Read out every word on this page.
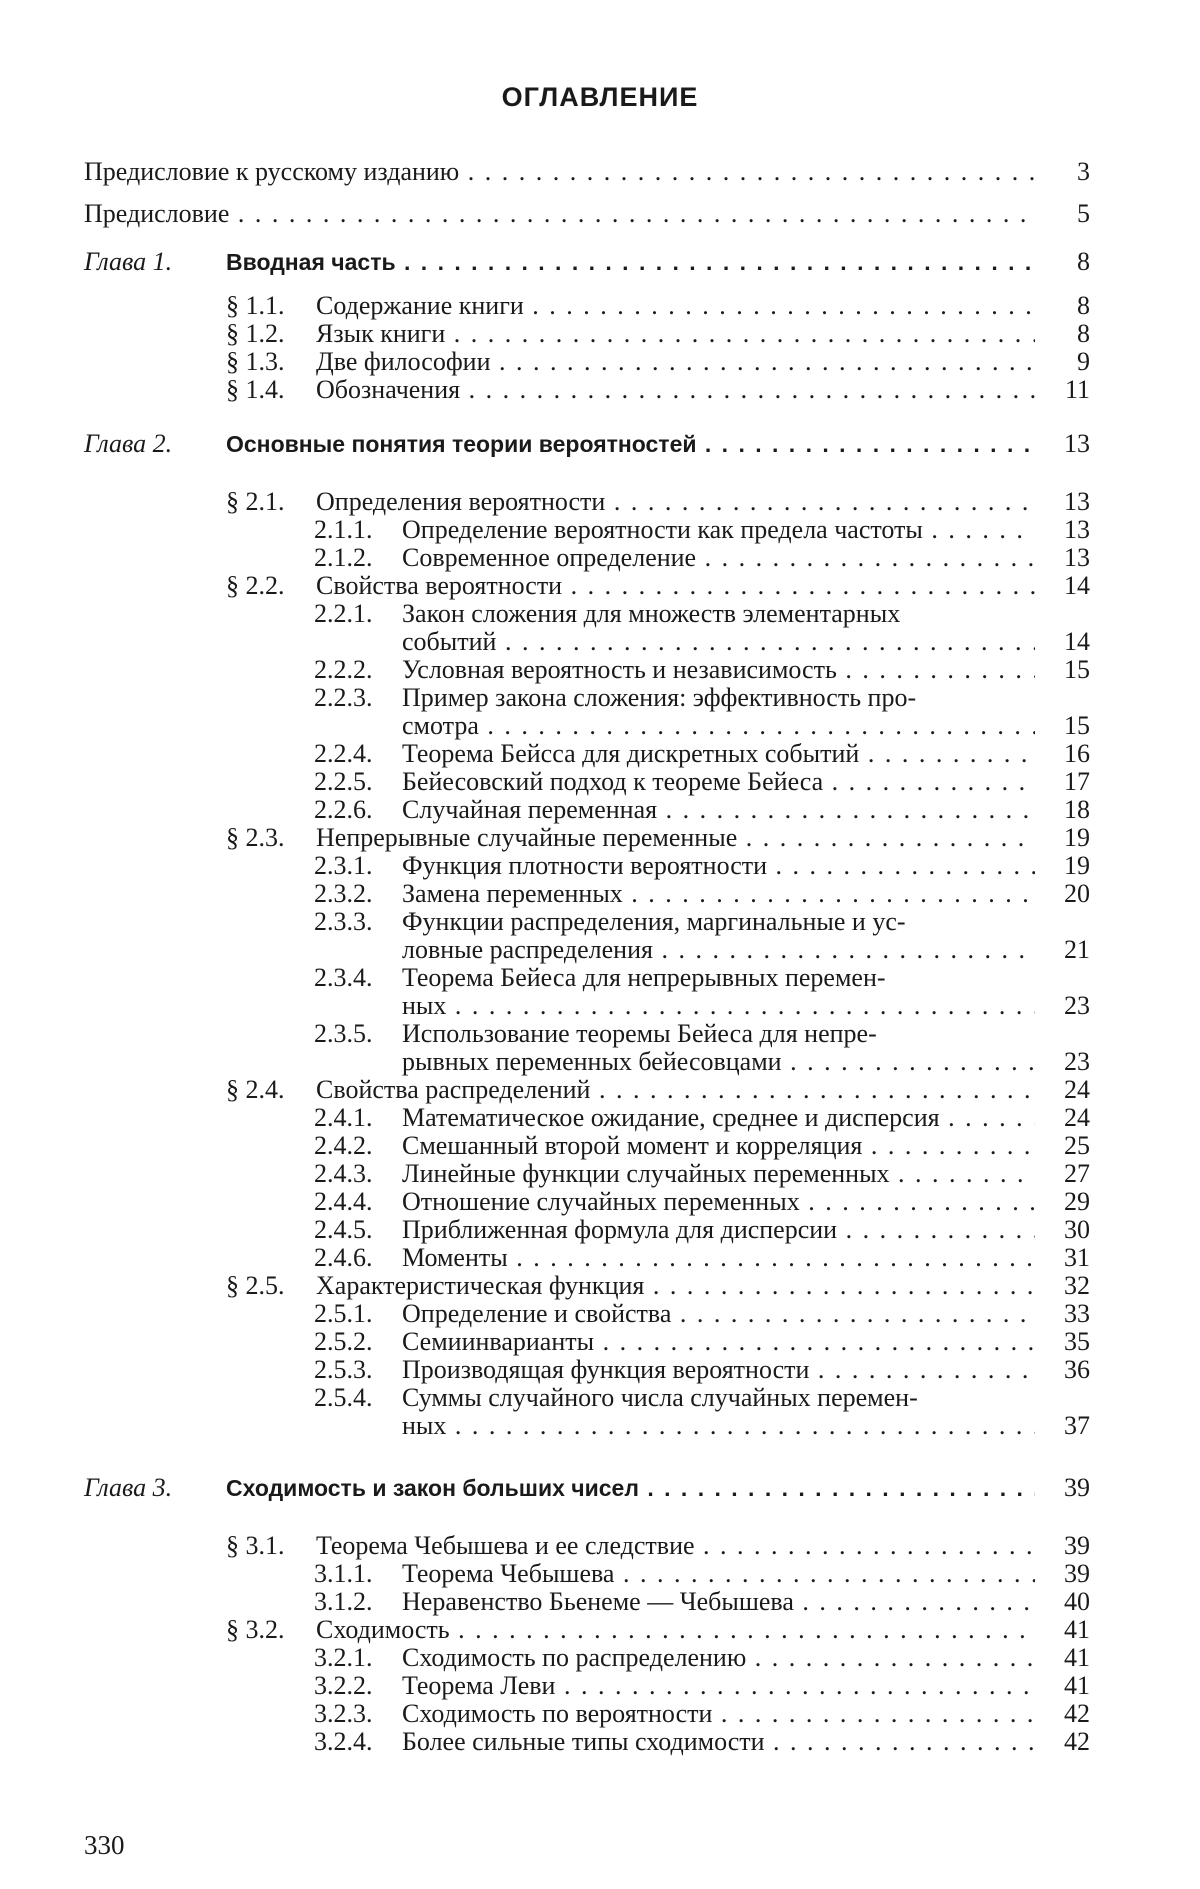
ОГЛАВЛЕНИЕ
Предисловие к русскому изданию . . .	3
Предисловие . . .	5
Глава 1. Вводная часть . . .	8
§ 1.1. Содержание книги . . .	8
§ 1.2. Язык книги . . .	8
§ 1.3. Две философии . . .	9
§ 1.4. Обозначения . . .	11
Глава 2. Основные понятия теории вероятностей . . .	13
§ 2.1. Определения вероятности . . .	13
2.1.1. Определение вероятности как предела частоты . . .	13
2.1.2. Современное определение . . .	13
§ 2.2. Свойства вероятности . . .	14
2.2.1. Закон сложения для множеств элементарных
событий . . .	14
2.2.2. Условная вероятность и независимость . . .	15
2.2.3. Пример закона сложения: эффективность про-
смотра . . .	15
2.2.4. Теорема Бейсса для дискретных событий . . .	16
2.2.5. Бейесовский подход к теореме Бейеса . . .	17
2.2.6. Случайная переменная . . .	18
§ 2.3. Непрерывные случайные переменные . . .	19
2.3.1. Функция плотности вероятности . . .	19
2.3.2. Замена переменных . . .	20
2.3.3. Функции распределения, маргинальные и ус-
ловные распределения . . .	21
2.3.4. Теорема Бейеса для непрерывных перемен-
ных . . .	23
2.3.5. Использование теоремы Бейеса для непре-
рывных переменных бейесовцами . . .	23
§ 2.4. Свойства распределений . . .	24
2.4.1. Математическое ожидание, среднее и дисперсия . . .	24
2.4.2. Смешанный второй момент и корреляция . . .	25
2.4.3. Линейные функции случайных переменных . . .	27
2.4.4. Отношение случайных переменных . . .	29
2.4.5. Приближенная формула для дисперсии . . .	30
2.4.6. Моменты . . .	31
§ 2.5. Характеристическая функция . . .	32
2.5.1. Определение и свойства . . .	33
2.5.2. Семиинварианты . . .	35
2.5.3. Производящая функция вероятности . . .	36
2.5.4. Суммы случайного числа случайных перемен-
ных . . .	37
Глава 3. Сходимость и закон больших чисел . . .	39
§ 3.1. Теорема Чебышева и ее следствие . . .	39
3.1.1. Теорема Чебышева . . .	39
3.1.2. Неравенство Бьенеме — Чебышева . . .	40
§ 3.2. Сходимость . . .	41
3.2.1. Сходимость по распределению . . .	41
3.2.2. Теорема Леви . . .	41
3.2.3. Сходимость по вероятности . . .	42
3.2.4. Более сильные типы сходимости . . .	42
330
